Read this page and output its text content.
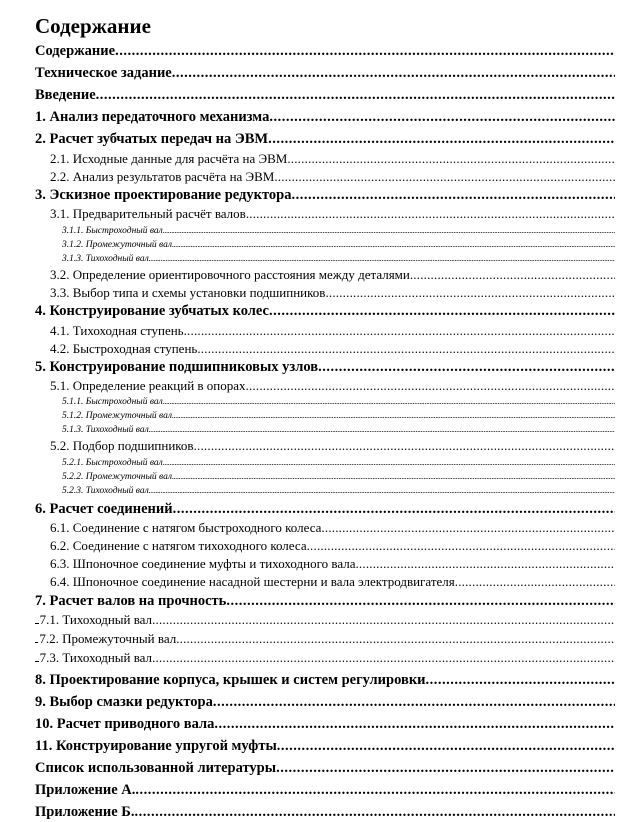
Содержание
Содержание
.....
Техническое задание
.....
Введение
.....
1. Анализ передаточного механизма
.....
2. Расчет зубчатых передач на ЭВМ
.....
2.1. Исходные данные для расчёта на ЭВМ
.....
2.2. Анализ результатов расчёта на ЭВМ
.....
3. Эскизное проектирование редуктора
.....
3.1. Предварительный расчёт валов
.....
3.1.1. Быстроходный вал
.....
3.1.2. Промежуточный вал
.....
3.1.3. Тихоходный вал
.....
3.2. Определение ориентировочного расстояния между деталями
.....
3.3. Выбор типа и схемы установки подшипников
.....
4. Конструирование зубчатых колес
.....
4.1. Тихоходная ступень
.....
4.2. Быстроходная ступень
.....
5. Конструирование подшипниковых узлов
.....
5.1. Определение реакций в опорах
.....
5.1.1. Быстроходный вал
.....
5.1.2. Промежуточный вал
.....
5.1.3. Тихоходный вал
.....
5.2. Подбор подшипников
.....
5.2.1. Быстроходный вал
.....
5.2.2. Промежуточный вал
.....
5.2.3. Тихоходный вал
.....
6. Расчет соединений
.....
6.1. Соединение с натягом быстроходного колеса
.....
6.2. Соединение с натягом тихоходного колеса
.....
6.3. Шпоночное соединение муфты и тихоходного вала
.....
6.4. Шпоночное соединение насадной шестерни и вала электродвигателя
.....
7. Расчет валов на прочность
.....
7.1. Тихоходный вал
.....
7.2. Промежуточный вал
.....
7.3. Тихоходный вал
.....
8. Проектирование корпуса, крышек и систем регулировки
.....
9. Выбор смазки редуктора
.....
10. Расчет приводного вала
.....
11. Конструирование упругой муфты
.....
Список использованной литературы
.....
Приложение А.
.....
Приложение Б.
.....
